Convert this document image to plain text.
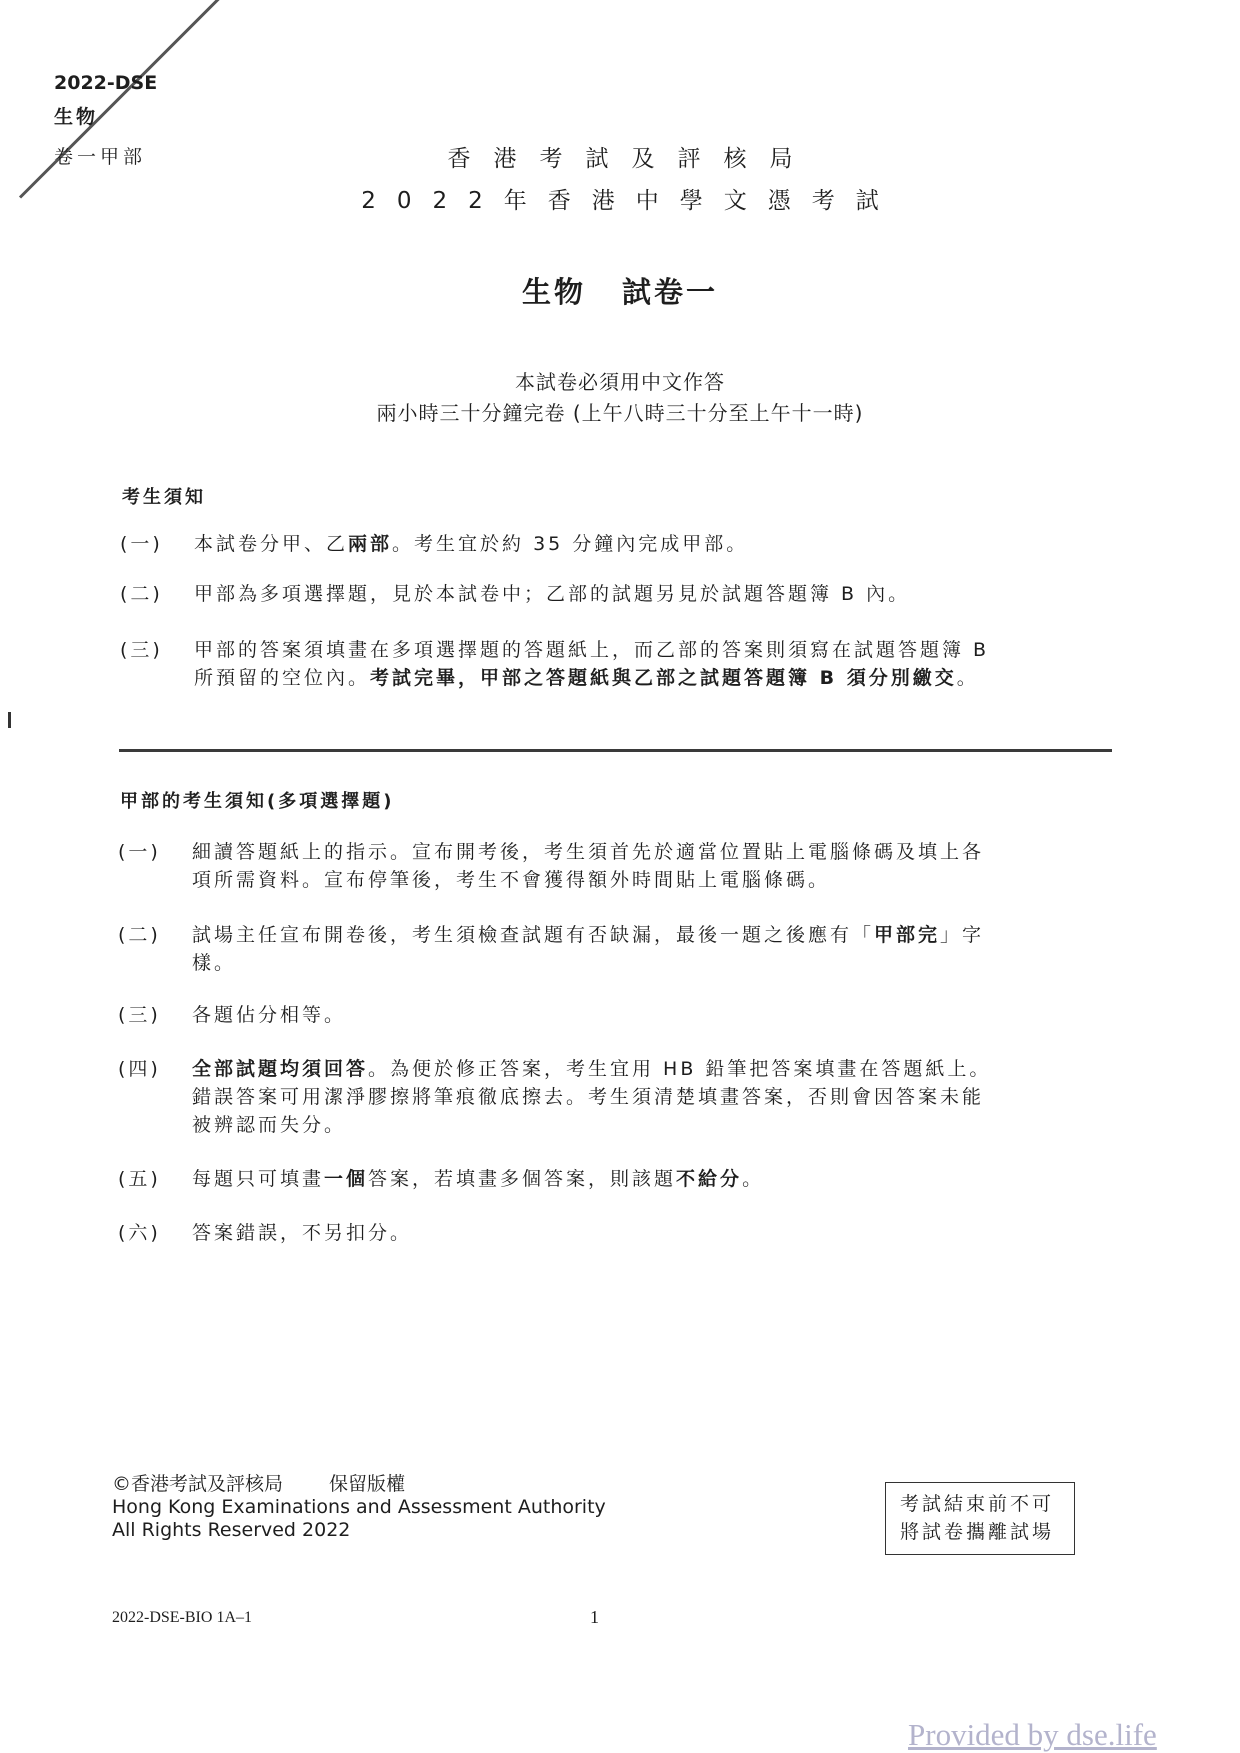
2022-DSE
生物
卷一甲部	香港考試及評核局
2022年香港中學文憑考試
生物 試卷一
本試卷必須用中文作答
兩小時三十分鐘完卷 (上午八時三十分至上午十一時)
考生須知
(一) 本試卷分甲、乙兩部。考生宜於約 35 分鐘內完成甲部。
(二) 甲部為多項選擇題，見於本試卷中；乙部的試題另見於試題答題簿 B 內。
(三) 甲部的答案須填畫在多項選擇題的答題紙上，而乙部的答案則須寫在試題答題簿 B
所預留的空位內。考試完畢，甲部之答題紙與乙部之試題答題簿 B 須分別繳交。
甲部的考生須知(多項選擇題)
(一) 細讀答題紙上的指示。宣布開考後，考生須首先於適當位置貼上電腦條碼及填上各
項所需資料。宣布停筆後，考生不會獲得額外時間貼上電腦條碼。
(二) 試場主任宣布開卷後，考生須檢查試題有否缺漏，最後一題之後應有「甲部完」字
樣。
(三) 各題佔分相等。
(四) 全部試題均須回答。為便於修正答案，考生宜用 HB 鉛筆把答案填畫在答題紙上。
錯誤答案可用潔淨膠擦將筆痕徹底擦去。考生須清楚填畫答案，否則會因答案未能
被辨認而失分。
(五) 每題只可填畫一個答案，若填畫多個答案，則該題不給分。
(六) 答案錯誤，不另扣分。
©香港考試及評核局 保留版權
Hong Kong Examinations and Assessment Authority
All Rights Reserved 2022
考試結束前不可
將試卷攜離試場
2022-DSE-BIO 1A–1	1
Provided by dse.life
